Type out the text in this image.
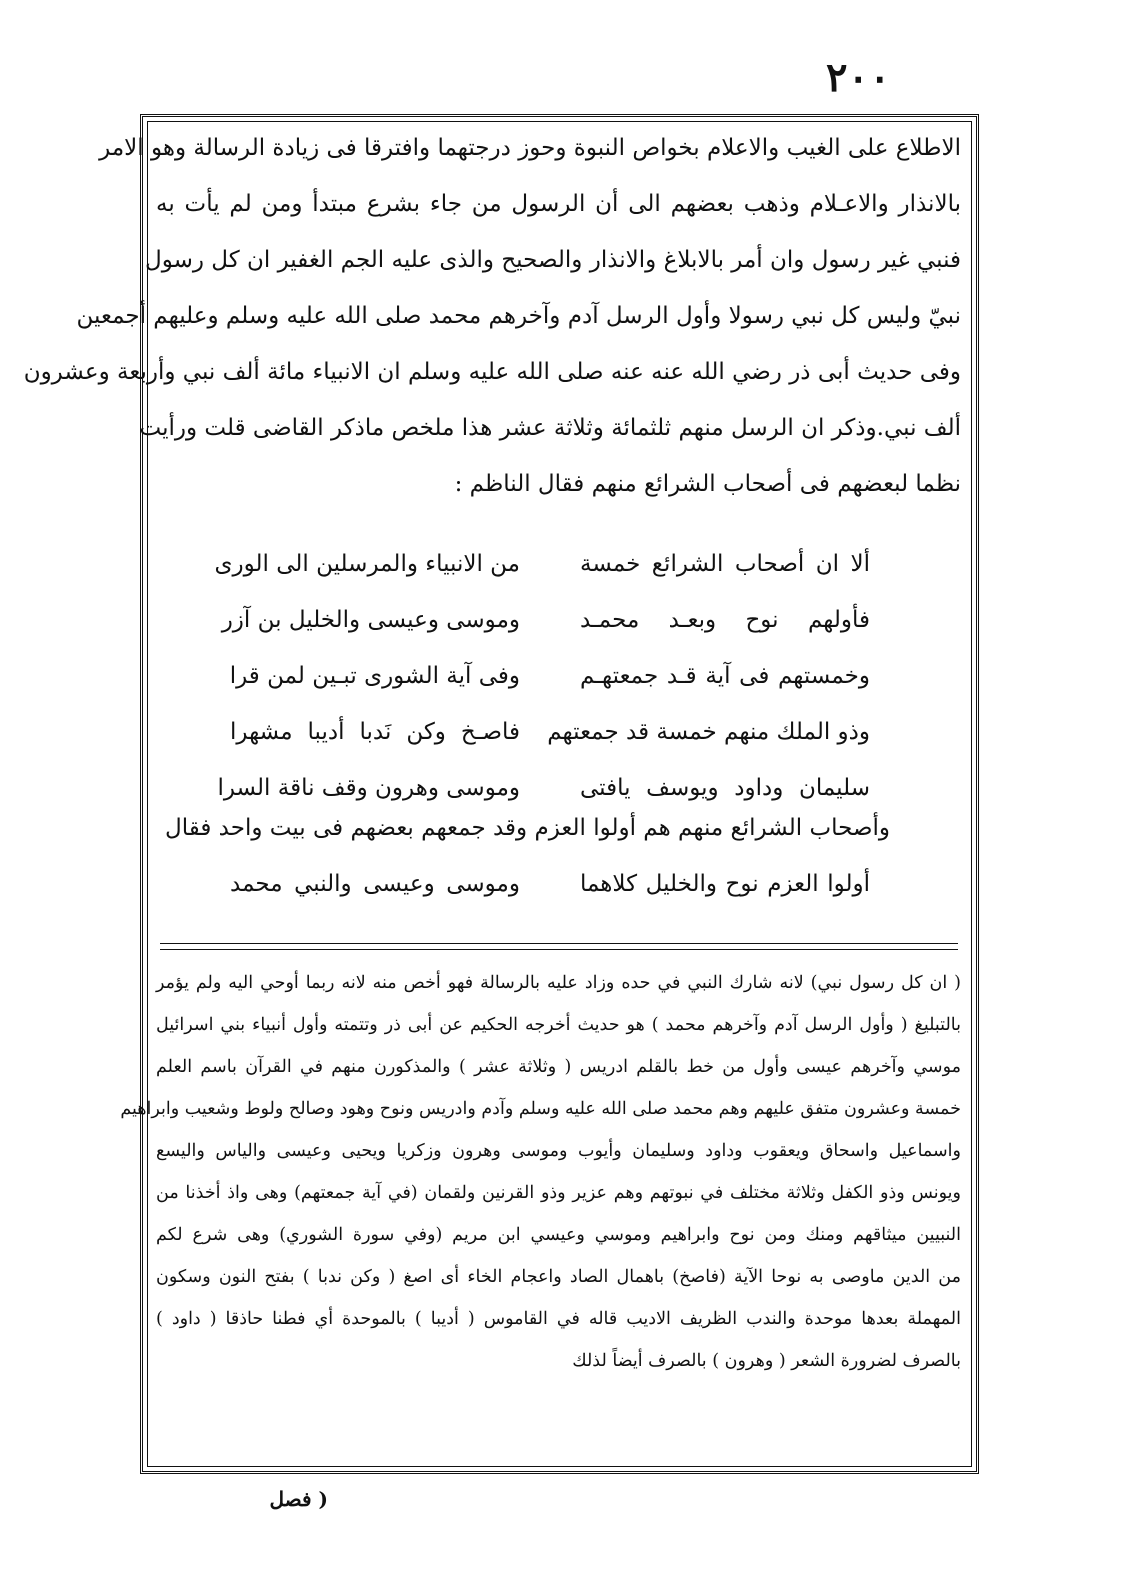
٢٠٠
الاطلاع على الغيب والاعلام بخواص النبوة وحوز درجتهما وافترقا فى زيادة الرسالة وهو الامر
بالانذار والاعـلام وذهب بعضهم الى أن الرسول من جاء بشرع مبتدأ ومن لم يأت به
فنبي غير رسول وان أمر بالابلاغ والانذار والصحيح والذى عليه الجم الغفير ان كل رسول
نبيّ وليس كل نبي رسولا وأول الرسل آدم وآخرهم محمد صلى الله عليه وسلم وعليهم أجمعين
وفى حديث أبى ذر رضي الله عنه عنه صلى الله عليه وسلم ان الانبياء مائة ألف نبي وأربعة وعشرون
ألف نبي.وذكر ان الرسل منهم ثلثمائة وثلاثة عشر هذا ملخص ماذكر القاضى قلت ورأيت
نظما لبعضهم فى أصحاب الشرائع منهم فقال الناظم :
ألا ان أصحاب الشرائع خمسة
من الانبياء والمرسلين الى الورى
فأولهم نوح وبعـد محمـد
وموسى وعيسى والخليل بن آزر
وخمستهم فى آية قـد جمعتهـم
وفى آية الشورى تبـين لمن قرا
وذو الملك منهم خمسة قد جمعتهم
فاصـخ وكن نَدبا أديبا مشهرا
سليمان وداود ويوسف يافتى
وموسى وهرون وقف ناقة السرا
وأصحاب الشرائع منهم هم أولوا العزم وقد جمعهم بعضهم فى بيت واحد فقال
أولوا العزم نوح والخليل كلاهما
وموسى وعيسى والنبي محمد
( ان كل رسول نبي) لانه شارك النبي في حده وزاد عليه بالرسالة فهو أخص منه لانه ربما أوحي اليه ولم يؤمر
بالتبليغ ( وأول الرسل آدم وآخرهم محمد ) هو حديث أخرجه الحكيم عن أبى ذر وتتمته وأول أنبياء بني اسرائيل
موسي وآخرهم عيسى وأول من خط بالقلم ادريس ( وثلاثة عشر ) والمذكورن منهم في القرآن باسم العلم
خمسة وعشرون متفق عليهم وهم محمد صلى الله عليه وسلم وآدم وادريس ونوح وهود وصالح ولوط وشعيب وابراهيم
واسماعيل واسحاق ويعقوب وداود وسليمان وأيوب وموسى وهرون وزكريا ويحيى وعيسى والياس واليسع
ويونس وذو الكفل وثلاثة مختلف في نبوتهم وهم عزير وذو القرنين ولقمان (في آية جمعتهم) وهى واذ أخذنا من
النبيين ميثاقهم ومنك ومن نوح وابراهيم وموسي وعيسي ابن مريم (وفي سورة الشوري) وهى شرع لكم
من الدين ماوصى به نوحا الآية (فاصخ) باهمال الصاد واعجام الخاء أى اصغ ( وكن ندبا ) بفتح النون وسكون
المهملة بعدها موحدة والندب الظريف الاديب قاله في القاموس ( أديبا ) بالموحدة أي فطنا حاذقا ( داود )
بالصرف لضرورة الشعر ( وهرون ) بالصرف أيضاً لذلك
( فصل
